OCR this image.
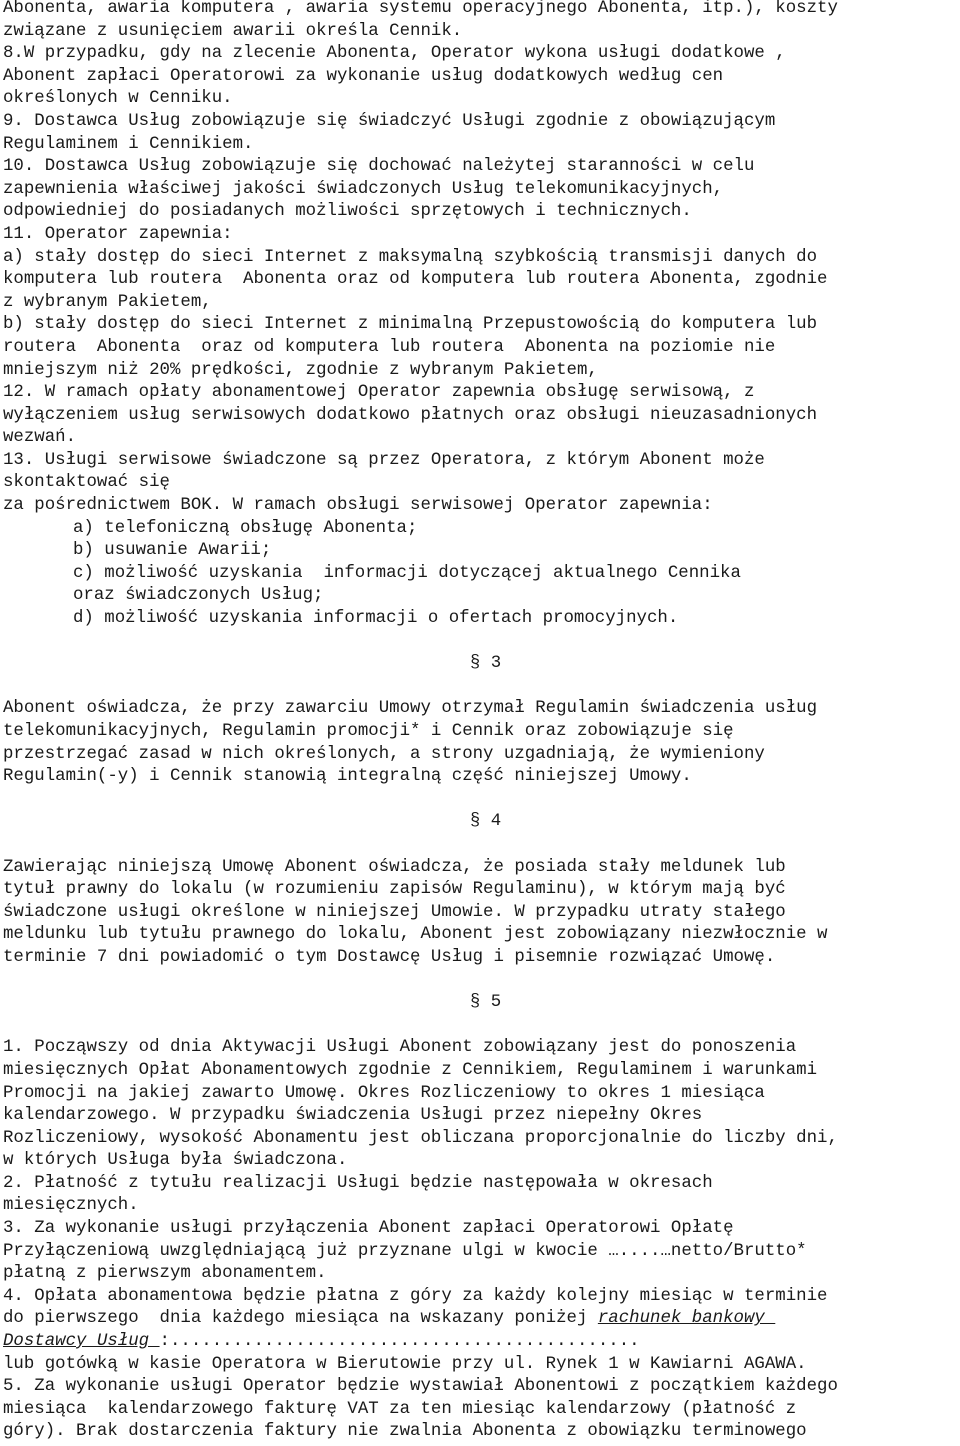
Abonenta, awaria komputera , awaria systemu operacyjnego Abonenta, itp.), koszty
związane z usunięciem awarii określa Cennik.
8.W przypadku, gdy na zlecenie Abonenta, Operator wykona usługi dodatkowe ,
Abonent zapłaci Operatorowi za wykonanie usług dodatkowych według cen
określonych w Cenniku.
9. Dostawca Usług zobowiązuje się świadczyć Usługi zgodnie z obowiązującym
Regulaminem i Cennikiem.
10. Dostawca Usług zobowiązuje się dochować należytej staranności w celu
zapewnienia właściwej jakości świadczonych Usług telekomunikacyjnych,
odpowiedniej do posiadanych możliwości sprzętowych i technicznych.
11. Operator zapewnia:
a) stały dostęp do sieci Internet z maksymalną szybkością transmisji danych do
komputera lub routera  Abonenta oraz od komputera lub routera Abonenta, zgodnie
z wybranym Pakietem,
b) stały dostęp do sieci Internet z minimalną Przepustowością do komputera lub
routera  Abonenta  oraz od komputera lub routera  Abonenta na poziomie nie
mniejszym niż 20% prędkości, zgodnie z wybranym Pakietem,
12. W ramach opłaty abonamentowej Operator zapewnia obsługę serwisową, z
wyłączeniem usług serwisowych dodatkowo płatnych oraz obsługi nieuzasadnionych
wezwań.
13. Usługi serwisowe świadczone są przez Operatora, z którym Abonent może
skontaktować się
za pośrednictwem BOK. W ramach obsługi serwisowej Operator zapewnia:
a) telefoniczną obsługę Abonenta;
b) usuwanie Awarii;
c) możliwość uzyskania  informacji dotyczącej aktualnego Cennika
oraz świadczonych Usług;
d) możliwość uzyskania informacji o ofertach promocyjnych.
§ 3
Abonent oświadcza, że przy zawarciu Umowy otrzymał Regulamin świadczenia usług
telekomunikacyjnych, Regulamin promocji* i Cennik oraz zobowiązuje się
przestrzegać zasad w nich określonych, a strony uzgadniają, że wymieniony
Regulamin(-y) i Cennik stanowią integralną część niniejszej Umowy.
§ 4
Zawierając niniejszą Umowę Abonent oświadcza, że posiada stały meldunek lub
tytuł prawny do lokalu (w rozumieniu zapisów Regulaminu), w którym mają być
świadczone usługi określone w niniejszej Umowie. W przypadku utraty stałego
meldunku lub tytułu prawnego do lokalu, Abonent jest zobowiązany niezwłocznie w
terminie 7 dni powiadomić o tym Dostawcę Usług i pisemnie rozwiązać Umowę.
§ 5
1. Począwszy od dnia Aktywacji Usługi Abonent zobowiązany jest do ponoszenia
miesięcznych Opłat Abonamentowych zgodnie z Cennikiem, Regulaminem i warunkami
Promocji na jakiej zawarto Umowę. Okres Rozliczeniowy to okres 1 miesiąca
kalendarzowego. W przypadku świadczenia Usługi przez niepełny Okres
Rozliczeniowy, wysokość Abonamentu jest obliczana proporcjonalnie do liczby dni,
w których Usługa była świadczona.
2. Płatność z tytułu realizacji Usługi będzie następowała w okresach
miesięcznych.
3. Za wykonanie usługi przyłączenia Abonent zapłaci Operatorowi Opłatę
Przyłączeniową uwzględniającą już przyznane ulgi w kwocie …....…netto/Brutto*
płatną z pierwszym abonamentem.
4. Opłata abonamentowa będzie płatna z góry za każdy kolejny miesiąc w terminie
do pierwszego  dnia każdego miesiąca na wskazany poniżej rachunek bankowy
Dostawcy Usług :.............................................
lub gotówką w kasie Operatora w Bierutowie przy ul. Rynek 1 w Kawiarni AGAWA.
5. Za wykonanie usługi Operator będzie wystawiał Abonentowi z początkiem każdego
miesiąca  kalendarzowego fakturę VAT za ten miesiąc kalendarzowy (płatność z
góry). Brak dostarczenia faktury nie zwalnia Abonenta z obowiązku terminowego
